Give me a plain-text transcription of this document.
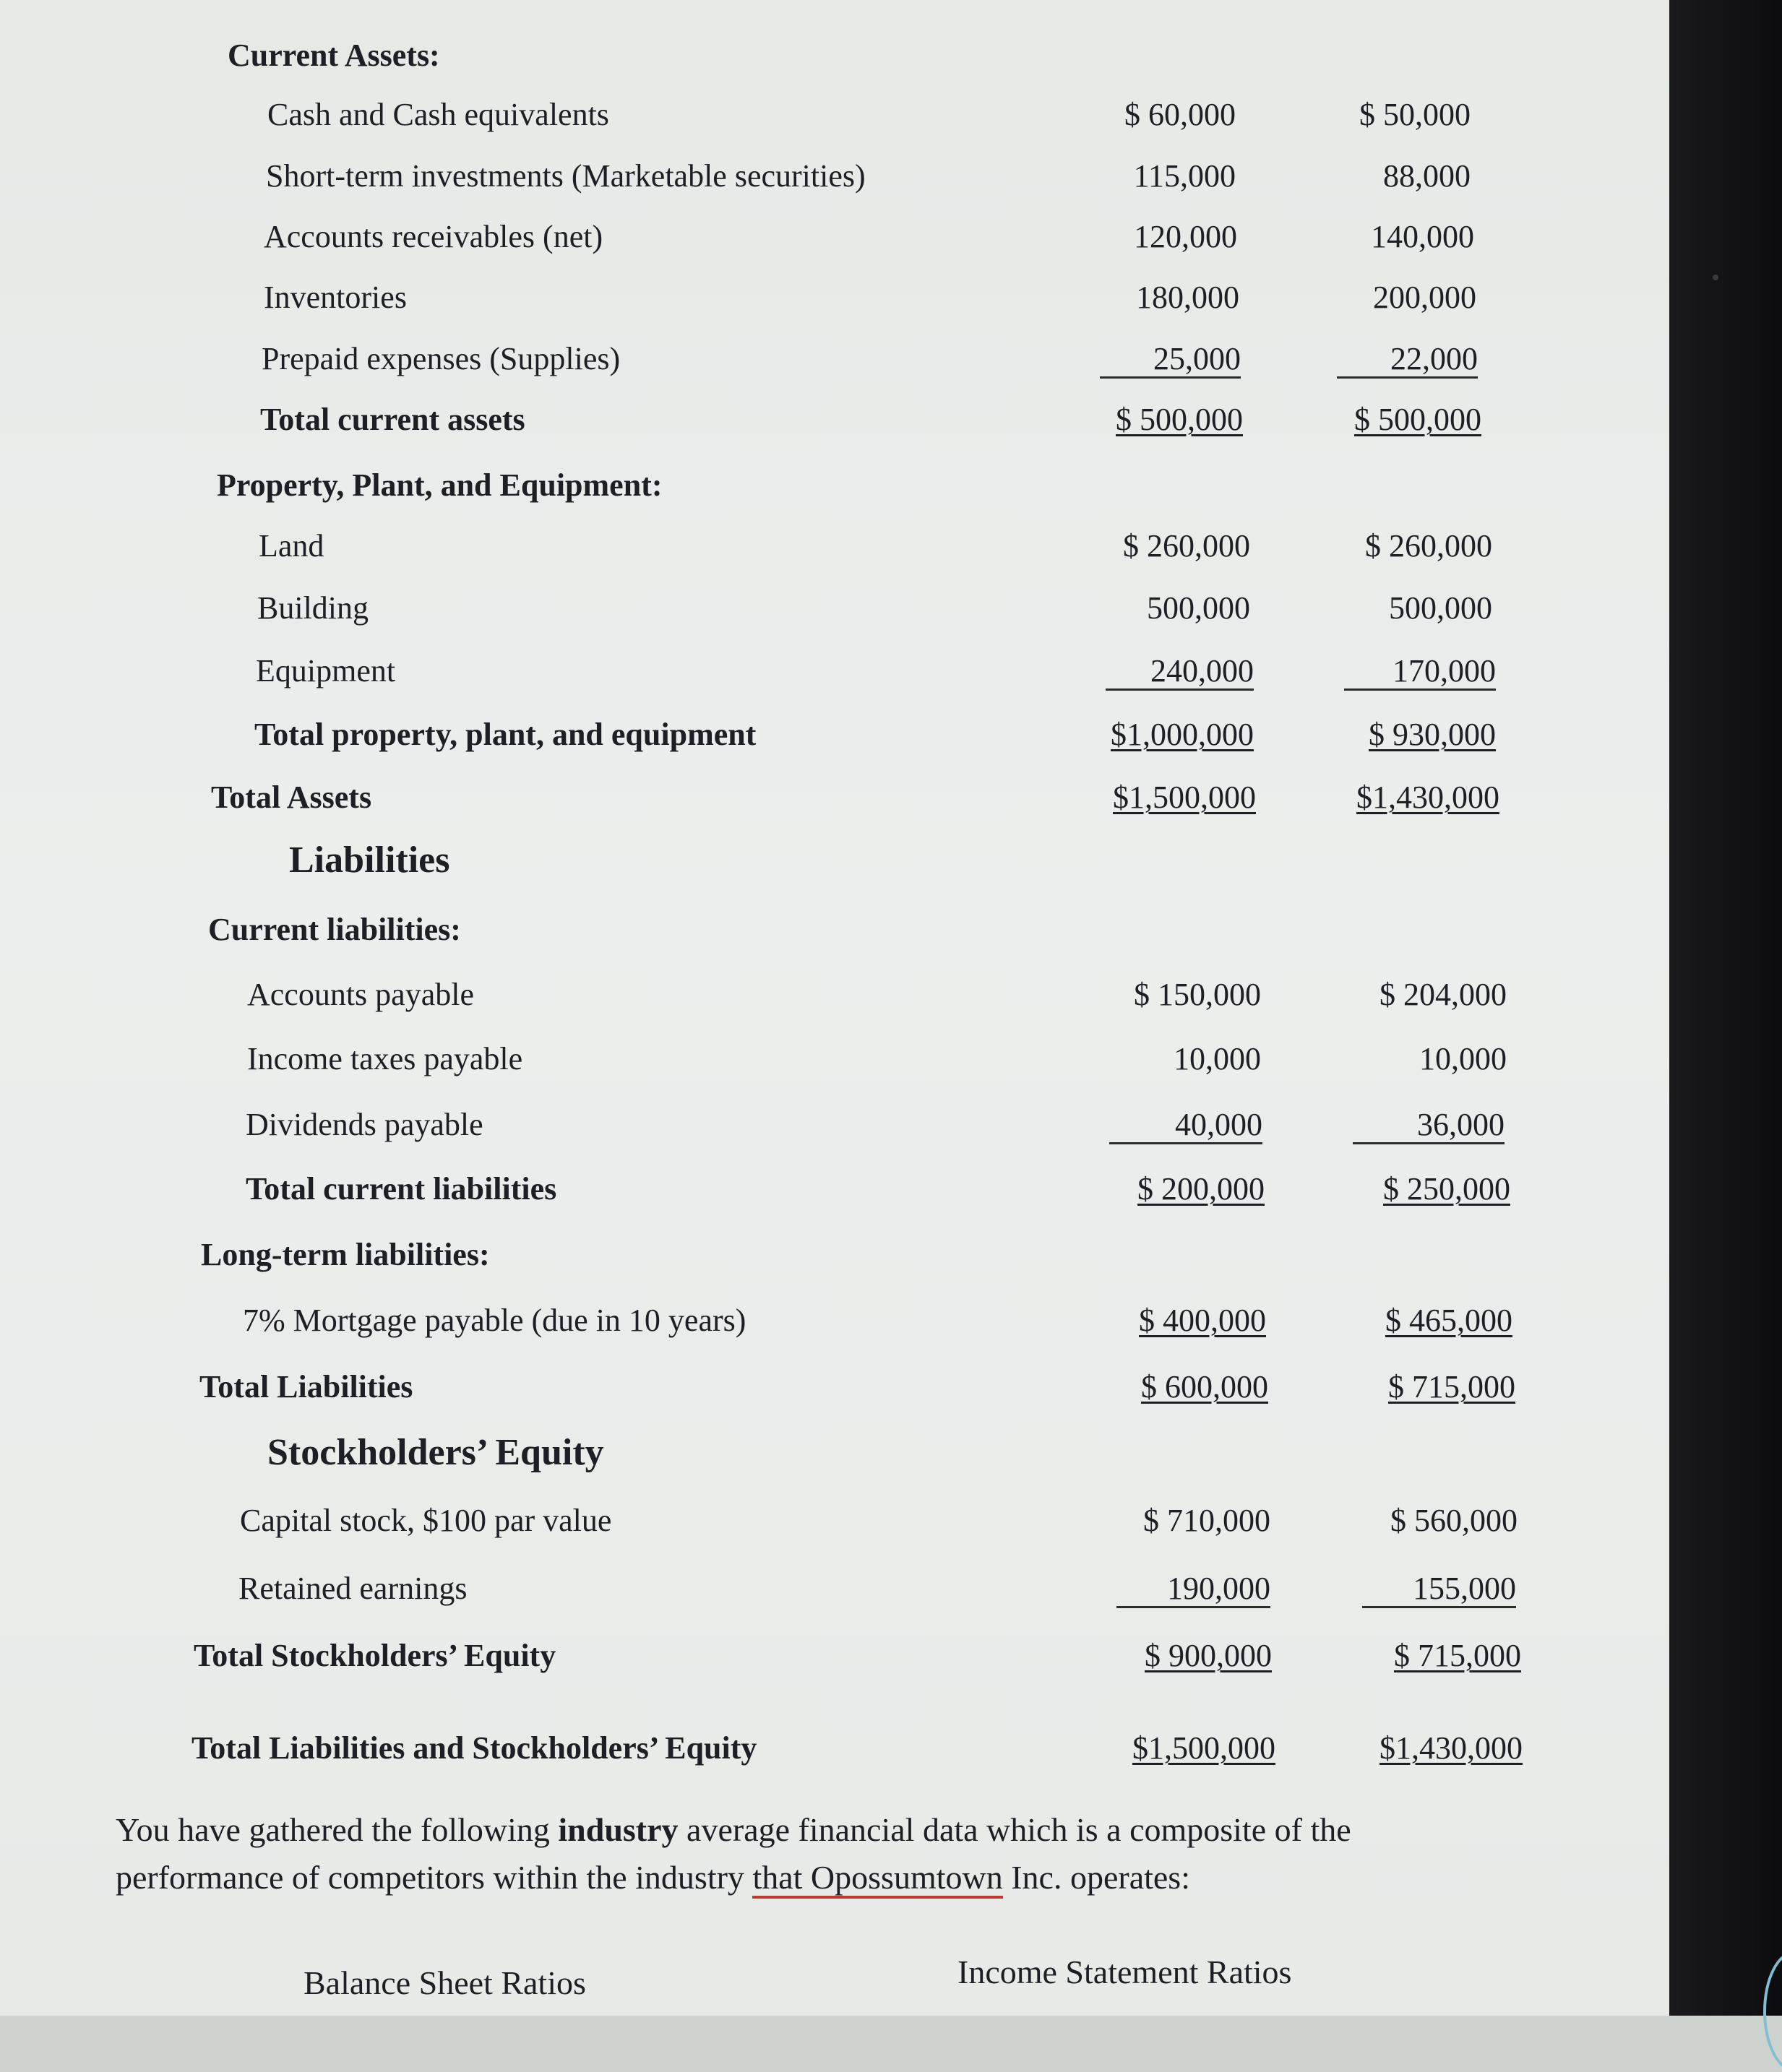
Current Assets:
Cash and Cash equivalents	$ 60,000	$ 50,000
Short-term investments (Marketable securities)	115,000	88,000
Accounts receivables (net)	120,000	140,000
Inventories	180,000	200,000
Prepaid expenses (Supplies)	25,000	22,000
Total current assets	$ 500,000	$ 500,000
Property, Plant, and Equipment:
Land	$ 260,000	$ 260,000
Building	500,000	500,000
Equipment	240,000	170,000
Total property, plant, and equipment	$1,000,000	$ 930,000
Total Assets	$1,500,000	$1,430,000
Liabilities
Current liabilities:
Accounts payable	$ 150,000	$ 204,000
Income taxes payable	10,000	10,000
Dividends payable	40,000	36,000
Total current liabilities	$ 200,000	$ 250,000
Long-term liabilities:
7% Mortgage payable (due in 10 years)	$ 400,000	$ 465,000
Total Liabilities	$ 600,000	$ 715,000
Stockholders’ Equity
Capital stock, $100 par value	$ 710,000	$ 560,000
Retained earnings	190,000	155,000
Total Stockholders’ Equity	$ 900,000	$ 715,000
Total Liabilities and Stockholders’ Equity	$1,500,000	$1,430,000
You have gathered the following industry average financial data which is a composite of the performance of competitors within the industry that Opossumtown Inc. operates:
Balance Sheet Ratios	Income Statement Ratios
